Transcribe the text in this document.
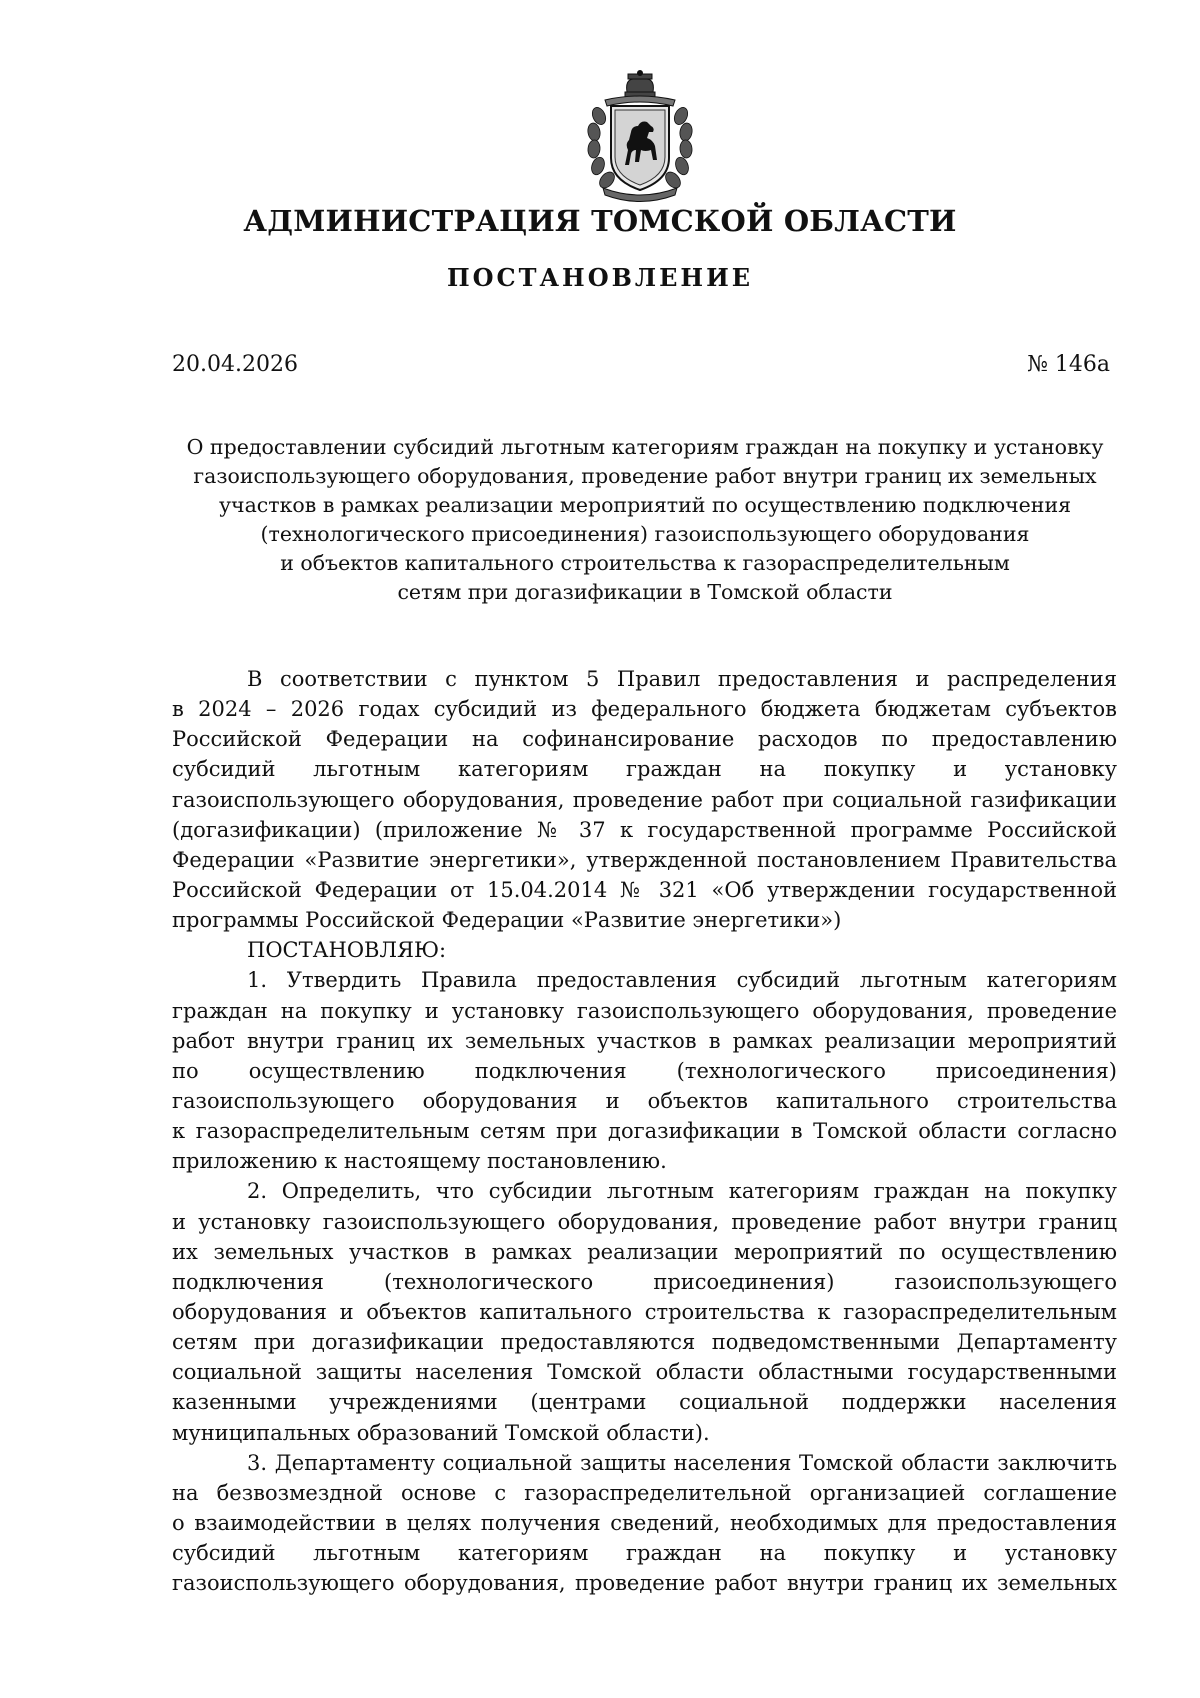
АДМИНИСТРАЦИЯ ТОМСКОЙ ОБЛАСТИ
ПОСТАНОВЛЕНИЕ
20.04.2026	№ 146а
О предоставлении субсидий льготным категориям граждан на покупку и установку
газоиспользующего оборудования, проведение работ внутри границ их земельных
участков в рамках реализации мероприятий по осуществлению подключения
(технологического присоединения) газоиспользующего оборудования
и объектов капитального строительства к газораспределительным
сетям при догазификации в Томской области
В соответствии с пунктом 5 Правил предоставления и распределения
в 2024 – 2026 годах субсидий из федерального бюджета бюджетам субъектов
Российской Федерации на софинансирование расходов по предоставлению
субсидий льготным категориям граждан на покупку и установку
газоиспользующего оборудования, проведение работ при социальной газификации
(догазификации) (приложение № 37 к государственной программе Российской
Федерации «Развитие энергетики», утвержденной постановлением Правительства
Российской Федерации от 15.04.2014 № 321 «Об утверждении государственной
программы Российской Федерации «Развитие энергетики»)
ПОСТАНОВЛЯЮ:
1. Утвердить Правила предоставления субсидий льготным категориям
граждан на покупку и установку газоиспользующего оборудования, проведение
работ внутри границ их земельных участков в рамках реализации мероприятий
по осуществлению подключения (технологического присоединения)
газоиспользующего оборудования и объектов капитального строительства
к газораспределительным сетям при догазификации в Томской области согласно
приложению к настоящему постановлению.
2. Определить, что субсидии льготным категориям граждан на покупку
и установку газоиспользующего оборудования, проведение работ внутри границ
их земельных участков в рамках реализации мероприятий по осуществлению
подключения (технологического присоединения) газоиспользующего
оборудования и объектов капитального строительства к газораспределительным
сетям при догазификации предоставляются подведомственными Департаменту
социальной защиты населения Томской области областными государственными
казенными учреждениями (центрами социальной поддержки населения
муниципальных образований Томской области).
3. Департаменту социальной защиты населения Томской области заключить
на безвозмездной основе с газораспределительной организацией соглашение
о взаимодействии в целях получения сведений, необходимых для предоставления
субсидий льготным категориям граждан на покупку и установку
газоиспользующего оборудования, проведение работ внутри границ их земельных
